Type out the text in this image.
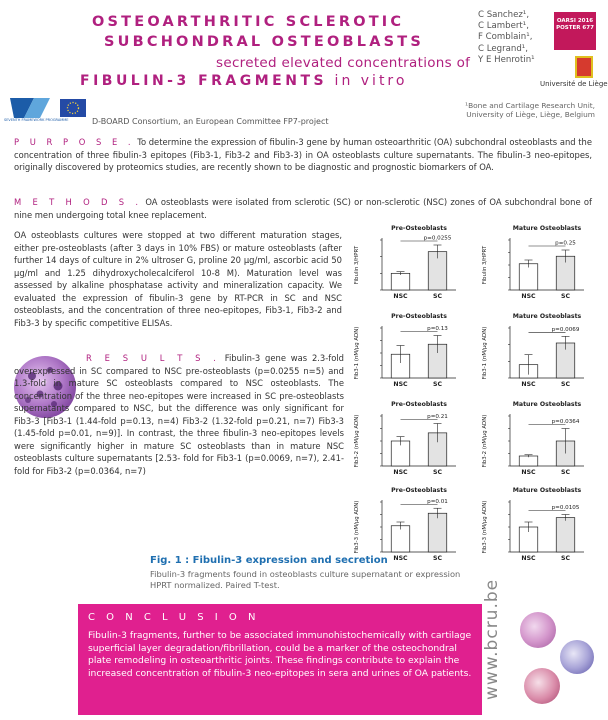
OSTEOARTHRITIC SCLEROTIC
SUBCHONDRAL OSTEOBLASTS
secreted elevated concentrations of
FIBULIN-3 FRAGMENTS in vitro
C Sanchez¹,
C Lambert¹,
F Comblain¹,
C Legrand¹,
Y E Henrotin¹
OARSI 2016 POSTER 677
Université de Liège
SEVENTH FRAMEWORK PROGRAMME	D-BOARD Consortium, an European Committee FP7-project
¹Bone and Cartilage Research Unit,
University of Liège, Liège, Belgium
P U R P O S E . To determine the expression of fibulin-3 gene by human osteoarthritic (OA) subchondral osteoblasts and the concentration of three fibulin-3 epitopes (Fib3-1, Fib3-2 and Fib3-3) in OA osteoblasts culture supernatants. The fibulin-3 neo-epitopes, originally discovered by proteomics studies, are recently shown to be diagnostic and prognostic biomarkers of OA.
M E T H O D S . OA osteoblasts were isolated from sclerotic (SC) or non-sclerotic (NSC) zones of OA subchondral bone of nine men undergoing total knee replacement.
OA osteoblasts cultures were stopped at two different maturation stages, either pre-osteoblasts (after 3 days in 10% FBS) or mature osteoblasts (after further 14 days of culture in 2% ultroser G, proline 20 µg/ml, ascorbic acid 50 µg/ml and 1.25 dihydroxycholecalciferol 10-8 M). Maturation level was assessed by alkaline phosphatase activity and mineralization capacity. We evaluated the expression of fibulin-3 gene by RT-PCR in SC and NSC osteoblasts, and the concentration of three neo-epitopes, Fib3-1, Fib3-2 and Fib3-3 by specific competitive ELISAs.
R E S U L T S . Fibulin-3 gene was 2.3-fold overexpressed in SC compared to NSC pre-osteoblasts (p=0.0255 n=5) and 1.3-fold in mature SC osteoblasts compared to NSC osteoblasts. The concentration of the three neo-epitopes were increased in SC pre-osteoblasts supernatants compared to NSC, but the difference was only significant for Fib3-3 [Fib3-1 (1.44-fold p=0.13, n=4) Fib3-2 (1.32-fold p=0.21, n=7) Fib3-3 (1.45-fold p=0.01, n=9)]. In contrast, the three fibulin-3 neo-epitopes levels were significantly higher in mature SC osteoblasts than in mature NSC osteoblasts culture supernatants [2.53- fold for Fib3-1 (p=0.0069, n=7), 2.41-fold for Fib3-2 (p=0.0364, n=7)
Pre-Osteoblasts
Fibulin 3/HPRT
NSC	SC
p=0.0255
Mature Osteoblasts
Fibulin 3/HPRT
NSC	SC
p=0.25
Pre-Osteoblasts
Fib3-1 (nM/µg ADN)
NSC	SC
p=0.13
Mature Osteoblasts
Fib3-1 (nM/µg ADN)
NSC	SC
p=0.0069
Pre-Osteoblasts
Fib3-2 (nM/µg ADN)
NSC	SC
p=0.21
Mature Osteoblasts
Fib3-2 (nM/µg ADN)
NSC	SC
p=0.0364
Pre-Osteoblasts
Fib3-3 (nM/µg ADN)
NSC	SC
p=0.01
Mature Osteoblasts
Fib3-3 (nM/µg ADN)
NSC	SC
p=0.0105
Fig. 1 : Fibulin-3 expression and secretion
Fibulin-3 fragments found in osteoblasts culture supernatant or expression HPRT normalized. Paired T-test.
C O N C L U S I O N
Fibulin-3 fragments, further to be associated immunohistochemically with cartilage superficial layer degradation/fibrillation, could be a marker of the osteochondral plate remodeling in osteoarthritic joints. These findings contribute to explain the increased concentration of fibulin-3 neo-epitopes in sera and urines of OA patients. www.bcru.be
